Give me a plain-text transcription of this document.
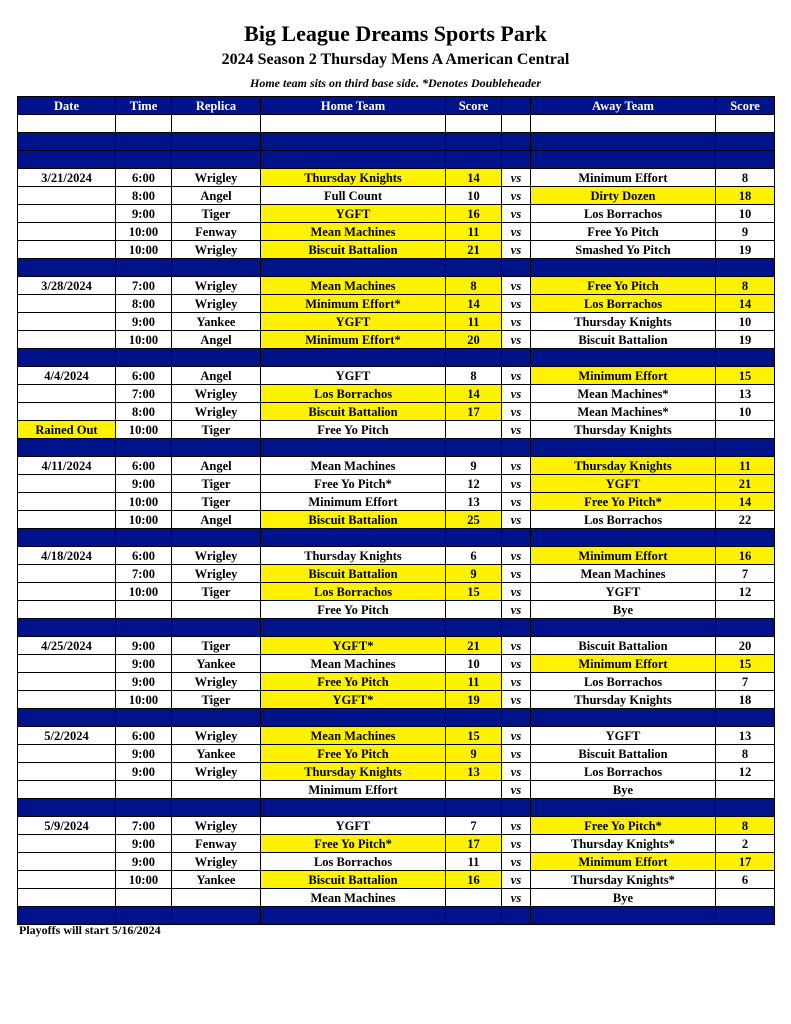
Big League Dreams Sports Park
2024 Season 2 Thursday Mens A American Central
Home team sits on third base side. *Denotes Doubleheader
Date	Time	Replica	Home Team	Score		Away Team	Score

3/21/2024	6:00	Wrigley	Thursday Knights	14	vs	Minimum Effort	8
	8:00	Angel	Full Count	10	vs	Dirty Dozen	18
	9:00	Tiger	YGFT	16	vs	Los Borrachos	10
	10:00	Fenway	Mean Machines	11	vs	Free Yo Pitch	9
	10:00	Wrigley	Biscuit Battalion	21	vs	Smashed Yo Pitch	19

3/28/2024	7:00	Wrigley	Mean Machines	8	vs	Free Yo Pitch	8
	8:00	Wrigley	Minimum Effort*	14	vs	Los Borrachos	14
	9:00	Yankee	YGFT	11	vs	Thursday Knights	10
	10:00	Angel	Minimum Effort*	20	vs	Biscuit Battalion	19

4/4/2024	6:00	Angel	YGFT	8	vs	Minimum Effort	15
	7:00	Wrigley	Los Borrachos	14	vs	Mean Machines*	13
	8:00	Wrigley	Biscuit Battalion	17	vs	Mean Machines*	10
Rained Out	10:00	Tiger	Free Yo Pitch		vs	Thursday Knights	

4/11/2024	6:00	Angel	Mean Machines	9	vs	Thursday Knights	11
	9:00	Tiger	Free Yo Pitch*	12	vs	YGFT	21
	10:00	Tiger	Minimum Effort	13	vs	Free Yo Pitch*	14
	10:00	Angel	Biscuit Battalion	25	vs	Los Borrachos	22

4/18/2024	6:00	Wrigley	Thursday Knights	6	vs	Minimum Effort	16
	7:00	Wrigley	Biscuit Battalion	9	vs	Mean Machines	7
	10:00	Tiger	Los Borrachos	15	vs	YGFT	12
			Free Yo Pitch		vs	Bye	

4/25/2024	9:00	Tiger	YGFT*	21	vs	Biscuit Battalion	20
	9:00	Yankee	Mean Machines	10	vs	Minimum Effort	15
	9:00	Wrigley	Free Yo Pitch	11	vs	Los Borrachos	7
	10:00	Tiger	YGFT*	19	vs	Thursday Knights	18

5/2/2024	6:00	Wrigley	Mean Machines	15	vs	YGFT	13
	9:00	Yankee	Free Yo Pitch	9	vs	Biscuit Battalion	8
	9:00	Wrigley	Thursday Knights	13	vs	Los Borrachos	12
			Minimum Effort		vs	Bye	

5/9/2024	7:00	Wrigley	YGFT	7	vs	Free Yo Pitch*	8
	9:00	Fenway	Free Yo Pitch*	17	vs	Thursday Knights*	2
	9:00	Wrigley	Los Borrachos	11	vs	Minimum Effort	17
	10:00	Yankee	Biscuit Battalion	16	vs	Thursday Knights*	6
			Mean Machines		vs	Bye	

Playoffs will start 5/16/2024
